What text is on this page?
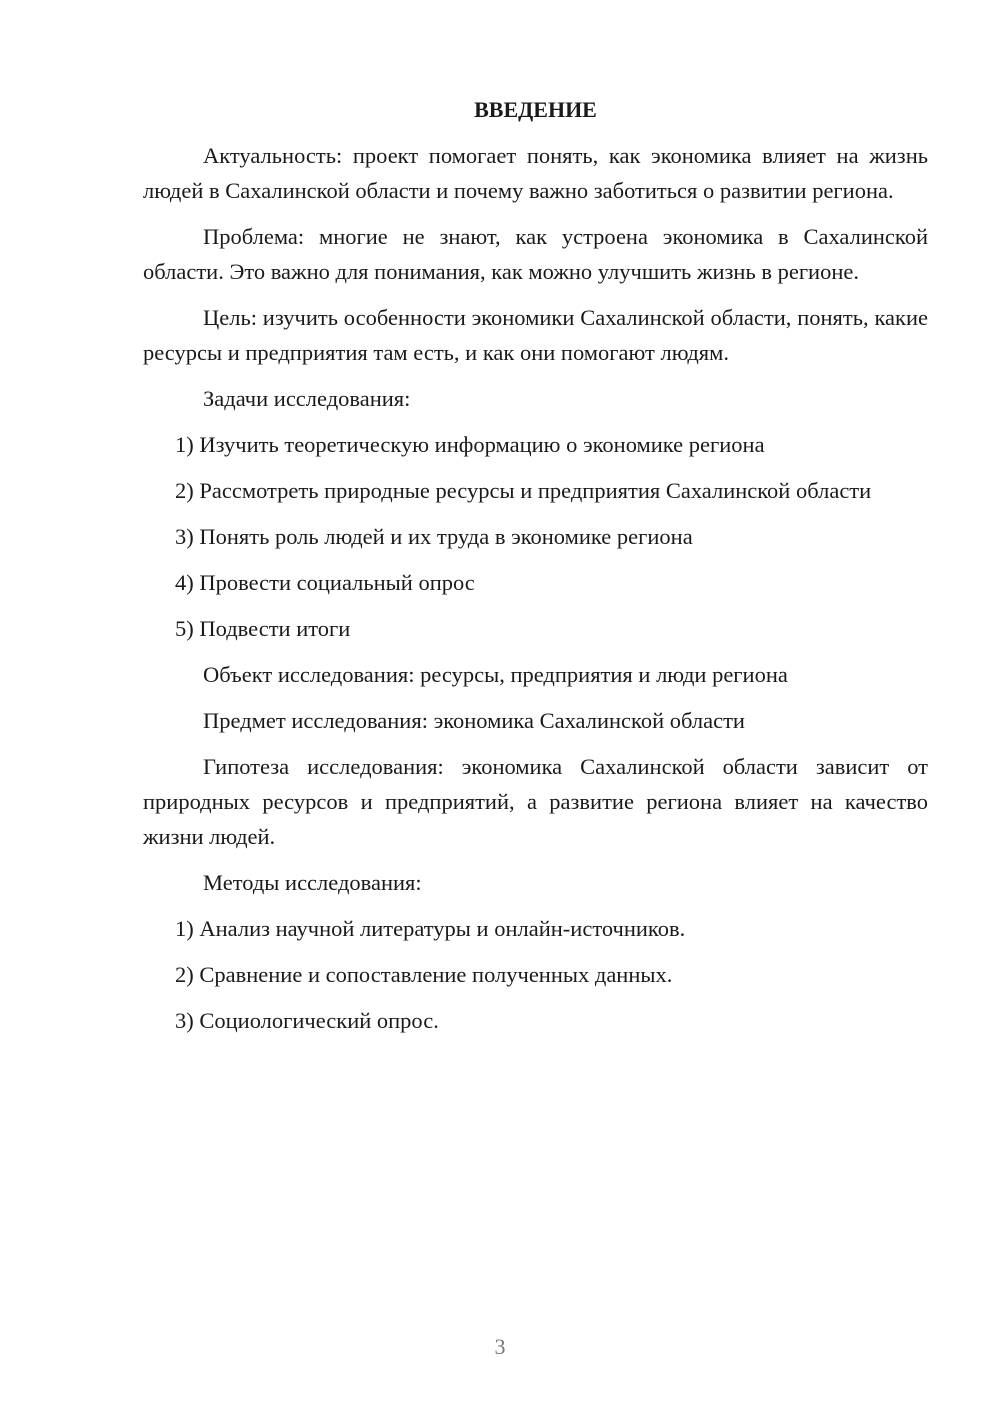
ВВЕДЕНИЕ
Актуальность: проект помогает понять, как экономика влияет на жизнь людей в Сахалинской области и почему важно заботиться о развитии региона.
Проблема: многие не знают, как устроена экономика в Сахалинской области. Это важно для понимания, как можно улучшить жизнь в регионе.
Цель: изучить особенности экономики Сахалинской области, понять, какие ресурсы и предприятия там есть, и как они помогают людям.
Задачи исследования:
1) Изучить теоретическую информацию о экономике региона
2) Рассмотреть природные ресурсы и предприятия Сахалинской области
3) Понять роль людей и их труда в экономике региона
4) Провести социальный опрос
5) Подвести итоги
Объект исследования: ресурсы, предприятия и люди региона
Предмет исследования: экономика Сахалинской области
Гипотеза исследования: экономика Сахалинской области зависит от природных ресурсов и предприятий, а развитие региона влияет на качество жизни людей.
Методы исследования:
1) Анализ научной литературы и онлайн-источников.
2) Сравнение и сопоставление полученных данных.
3) Социологический опрос.
3
